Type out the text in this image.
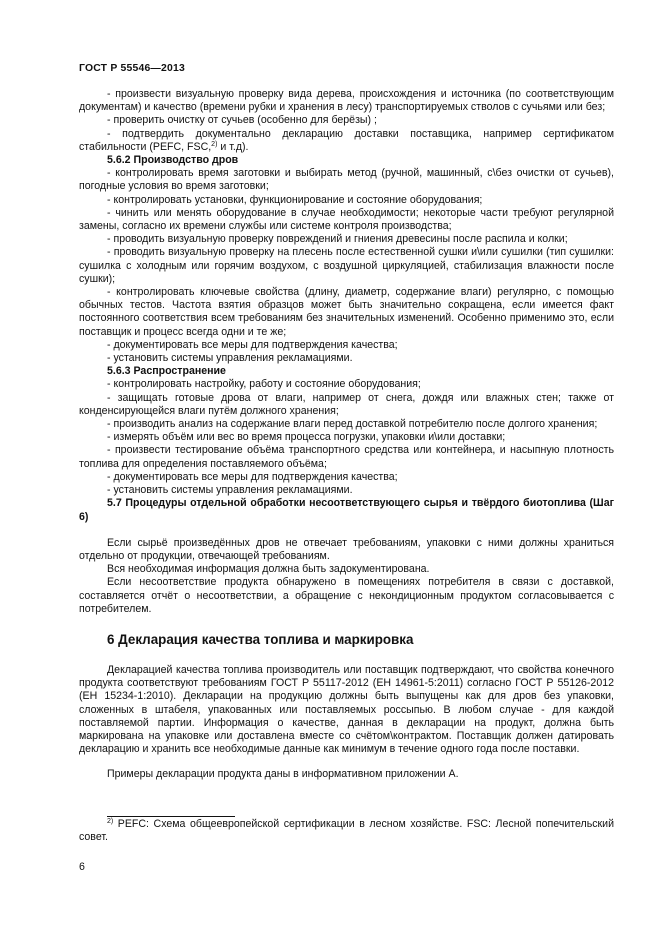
ГОСТ Р 55546—2013

- произвести визуальную проверку вида дерева, происхождения и источника (по соответствующим документам) и качество (времени рубки и хранения в лесу) транспортируемых стволов с сучьями или без;

- проверить очистку от сучьев (особенно для берёзы) ;

- подтвердить документально декларацию доставки поставщика, например сертификатом стабильности (PEFC, FSC,$^{2)}$ и т.д).

5.6.2 Производство дров

- контролировать время заготовки и выбирать метод (ручной, машинный, с\без очистки от сучьев), погодные условия во время заготовки;

- контролировать установки, функционирование и состояние оборудования;

- чинить или менять оборудование в случае необходимости; некоторые части требуют регулярной замены, согласно их времени службы или системе контроля производства;

- проводить визуальную проверку повреждений и гниения древесины после распила и колки;

- проводить визуальную проверку на плесень после естественной сушки и\или сушилки (тип сушилки: сушилка с холодным или горячим воздухом, с воздушной циркуляцией, стабилизация влажности после сушки);

- контролировать ключевые свойства (длину, диаметр, содержание влаги) регулярно, с помощью обычных тестов. Частота взятия образцов может быть значительно сокращена, если имеется факт постоянного соответствия всем требованиям без значительных изменений. Особенно применимо это, если поставщик и процесс всегда одни и те же;

- документировать все меры для подтверждения качества;

- установить системы управления рекламациями.

5.6.3 Распространение

- контролировать настройку, работу и состояние оборудования;

- защищать готовые дрова от влаги, например от снега, дождя или влажных стен; также от конденсирующейся влаги путём должного хранения;

- производить анализ на содержание влаги перед доставкой потребителю после долгого хранения;

- измерять объём или вес во время процесса погрузки, упаковки и\или доставки;

- произвести тестирование объёма транспортного средства или контейнера, и насыпную плотность топлива для определения поставляемого объёма;

- документировать все меры для подтверждения качества;

- установить системы управления рекламациями.

5.7 Процедуры отдельной обработки несоответствующего сырья и твёрдого биотоплива (Шаг 6)

Если сырьё произведённых дров не отвечает требованиям, упаковки с ними должны храниться отдельно от продукции, отвечающей требованиям.

Вся необходимая информация должна быть задокументирована.

Если несоответствие продукта обнаружено в помещениях потребителя в связи с доставкой, составляется отчёт о несоответствии, а обращение с некондиционным продуктом согласовывается с потребителем.

6 Декларация качества топлива и маркировка

Декларацией качества топлива производитель или поставщик подтверждают, что свойства конечного продукта соответствуют требованиям ГОСТ Р 55117-2012 (ЕН 14961-5:2011) согласно ГОСТ Р 55126-2012 (ЕН 15234-1:2010). Декларации на продукцию должны быть выпущены как для дров без упаковки, сложенных в штабеля, упакованных или поставляемых россыпью. В любом случае - для каждой поставляемой партии. Информация о качестве, данная в декларации на продукт, должна быть маркирована на упаковке или доставлена вместе со счётом\контрактом. Поставщик должен датировать декларацию и хранить все необходимые данные как минимум в течение одного года после поставки.

Примеры декларации продукта даны в информативном приложении А.

$^{2)}$ PEFC: Схема общеевропейской сертификации в лесном хозяйстве. FSC: Лесной попечительский совет.

6
